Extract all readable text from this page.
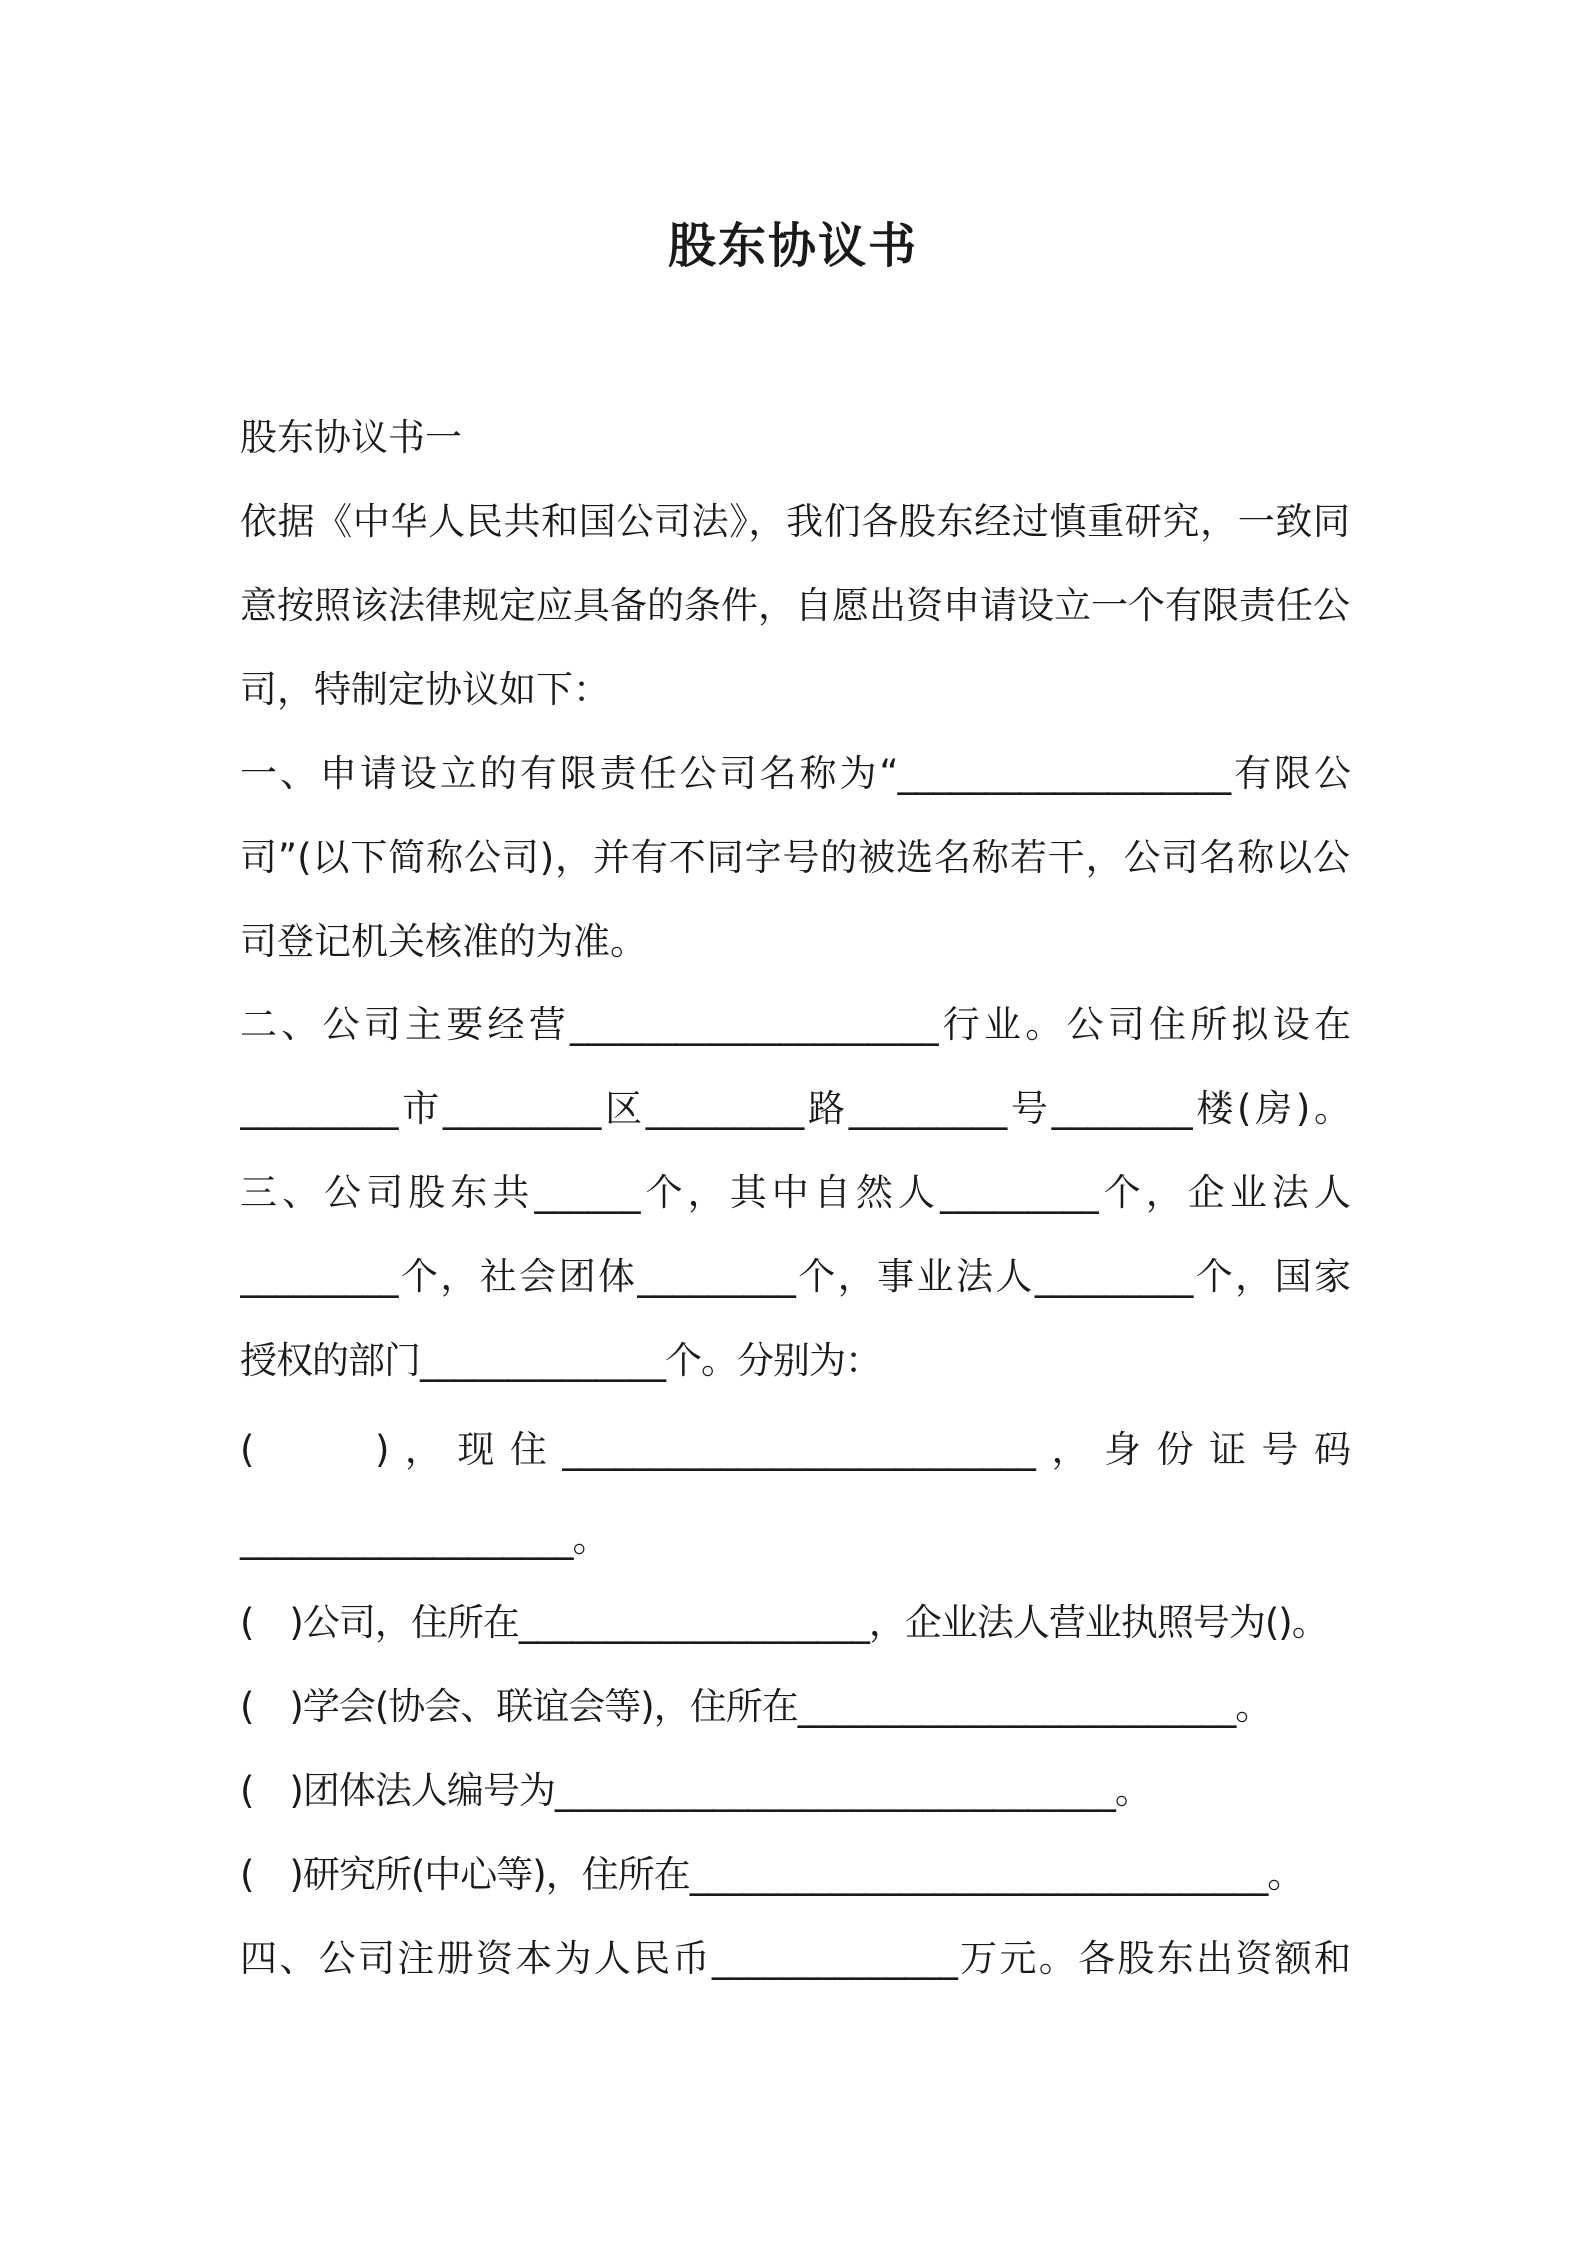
股东协议书
股东协议书一
依据《中华人民共和国公司法》，我们各股东经过慎重研究，一致同
意按照该法律规定应具备的条件，自愿出资申请设立一个有限责任公
司，特制定协议如下：
一、申请设立的有限责任公司名称为“___________________有限公
司”(以下简称公司)，并有不同字号的被选名称若干，公司名称以公
司登记机关核准的为准。
二、公司主要经营_____________________行业。公司住所拟设在
_________市_________区_________路_________号________楼(房)。
三、公司股东共______个，其中自然人_________个，企业法人
_________个，社会团体_________个，事业法人_________个，国家
授权的部门______________个。分别为：
(　　)，现住___________________________，身份证号码
___________________。
(　)公司，住所在____________________，企业法人营业执照号为()。
(　)学会(协会、联谊会等)，住所在_________________________。
(　)团体法人编号为________________________________。
(　)研究所(中心等)，住所在_________________________________。
四、公司注册资本为人民币______________万元。各股东出资额和
